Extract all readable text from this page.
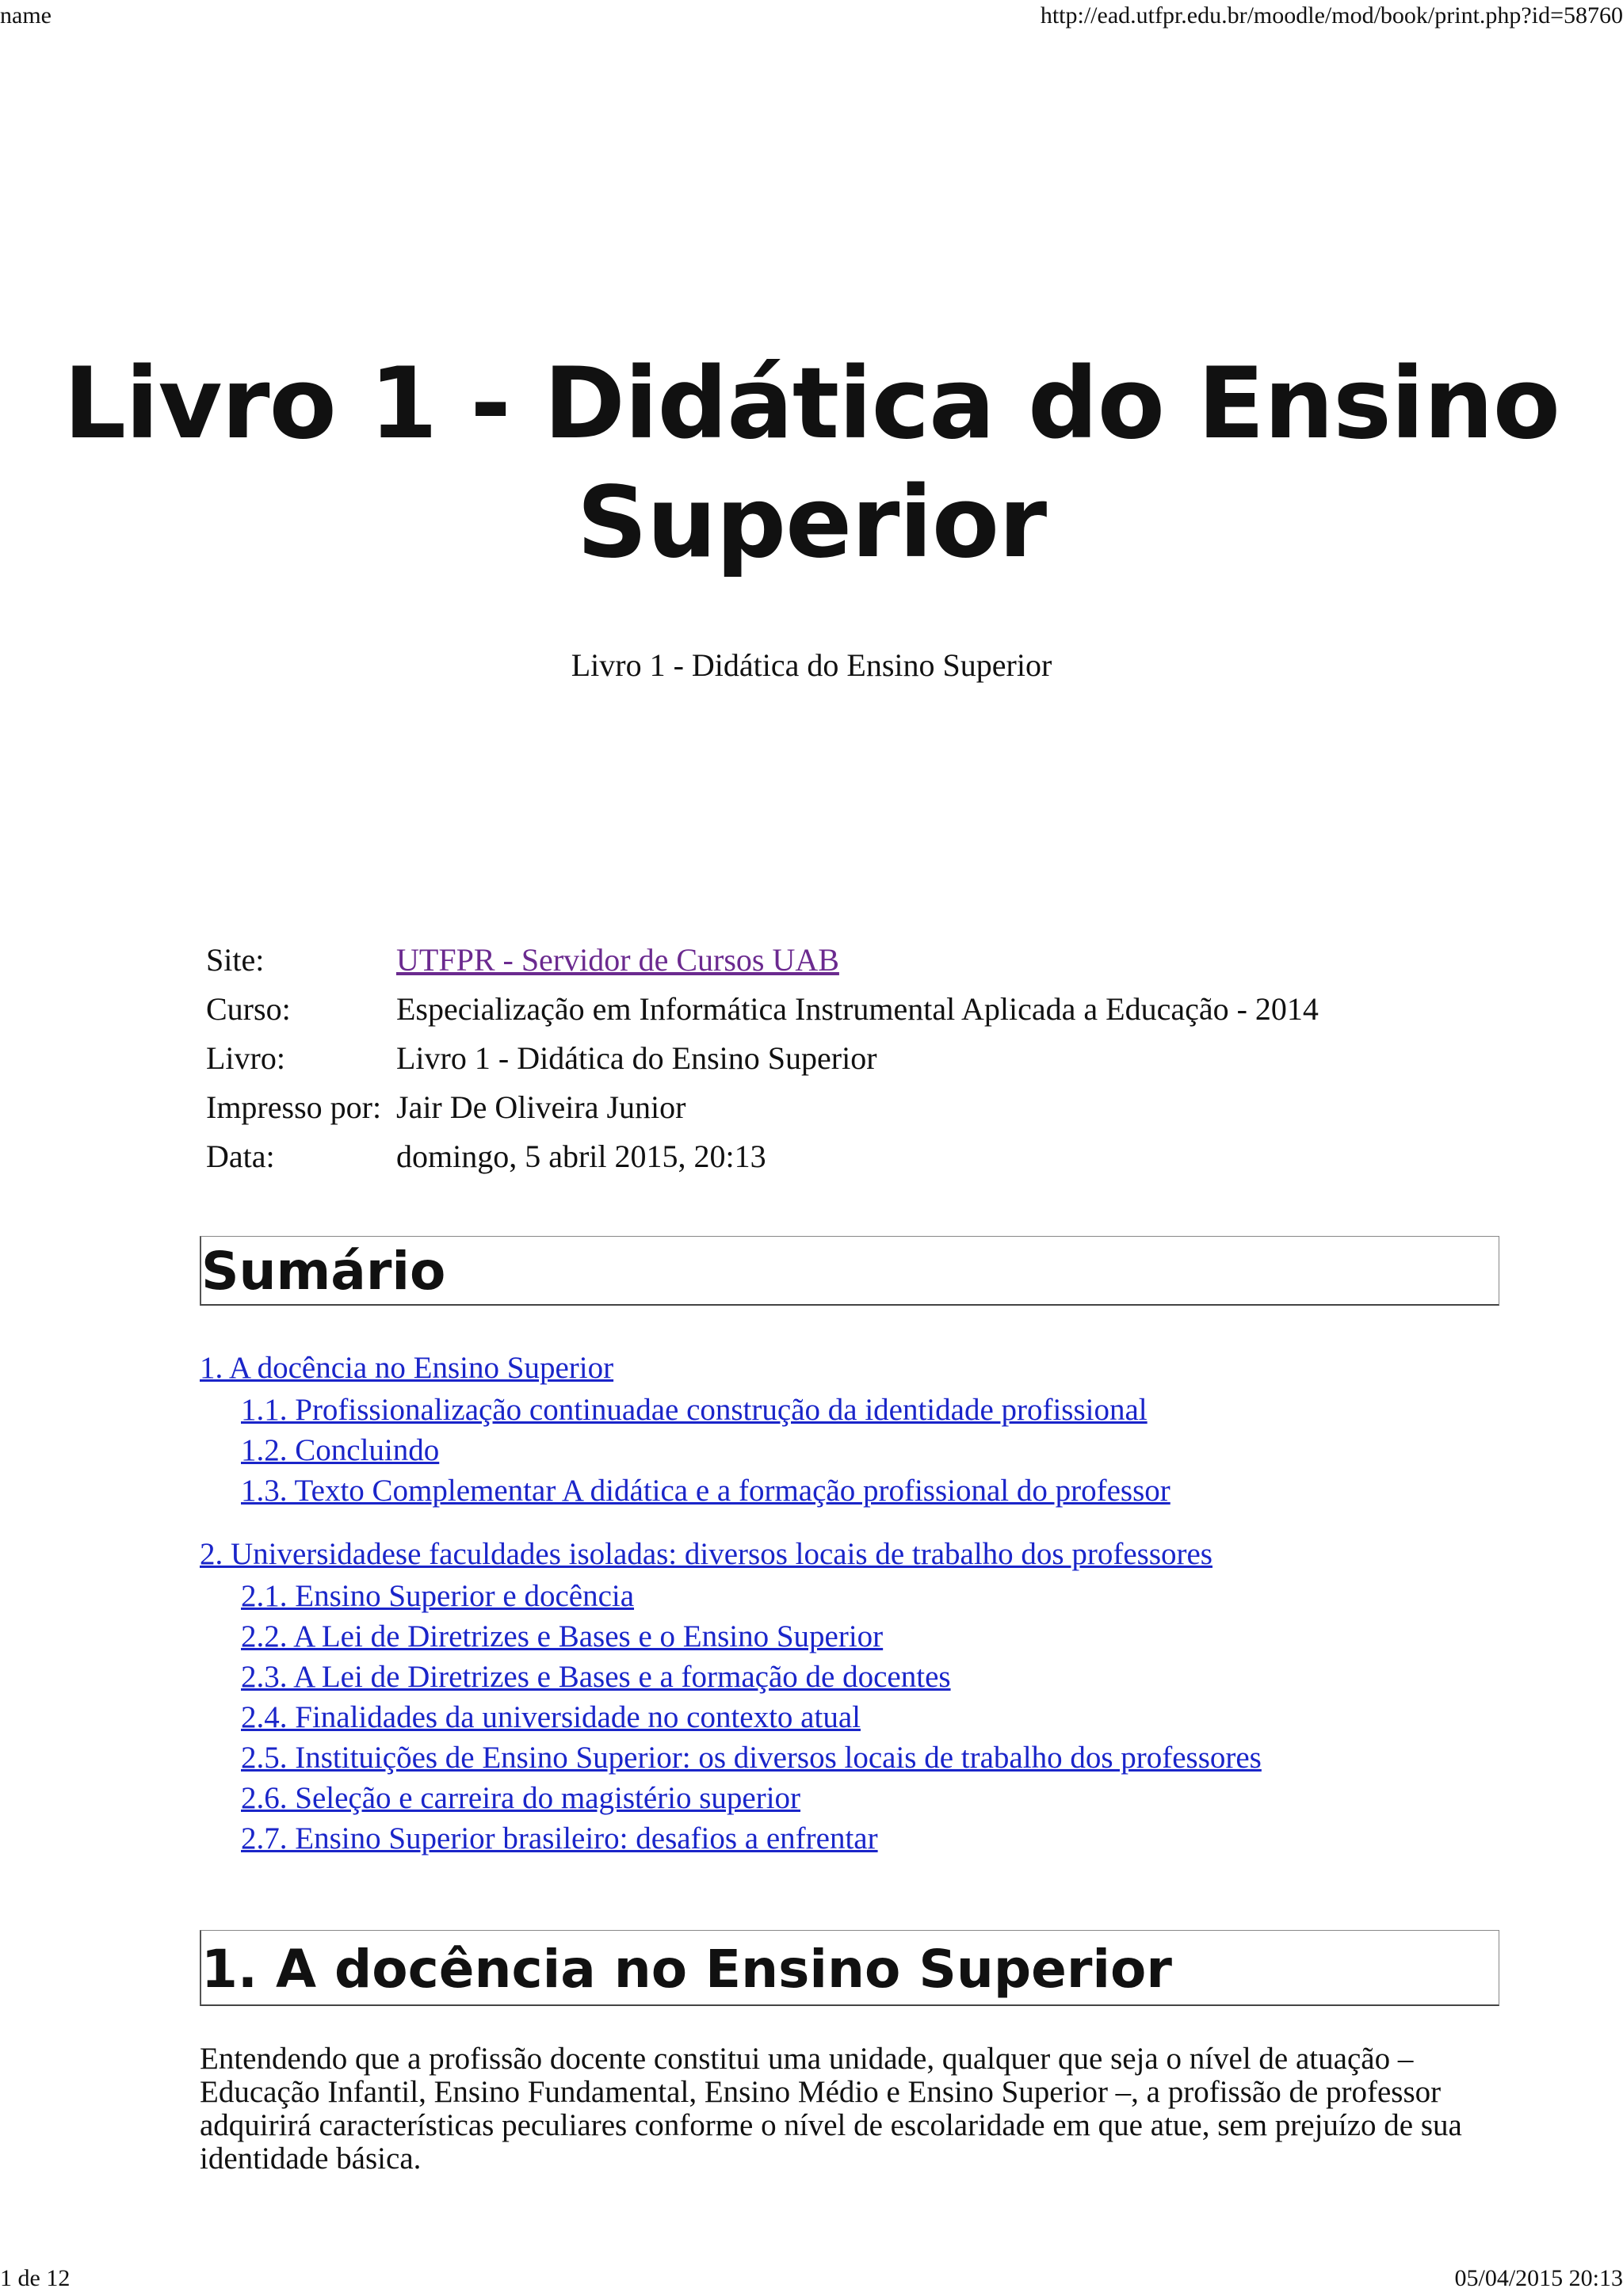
name	http://ead.utfpr.edu.br/moodle/mod/book/print.php?id=58760
Livro 1 - Didática do Ensino Superior
Livro 1 - Didática do Ensino Superior
Site:	UTFPR - Servidor de Cursos UAB
Curso:	Especialização em Informática Instrumental Aplicada a Educação - 2014
Livro:	Livro 1 - Didática do Ensino Superior
Impresso por:	Jair De Oliveira Junior
Data:	domingo, 5 abril 2015, 20:13
Sumário
1. A docência no Ensino Superior
1.1. Profissionalização continuadae construção da identidade profissional
1.2. Concluindo
1.3. Texto Complementar A didática e a formação profissional do professor
2. Universidadese faculdades isoladas: diversos locais de trabalho dos professores
2.1. Ensino Superior e docência
2.2. A Lei de Diretrizes e Bases e o Ensino Superior
2.3. A Lei de Diretrizes e Bases e a formação de docentes
2.4. Finalidades da universidade no contexto atual
2.5. Instituições de Ensino Superior: os diversos locais de trabalho dos professores
2.6. Seleção e carreira do magistério superior
2.7. Ensino Superior brasileiro: desafios a enfrentar
1. A docência no Ensino Superior

Entendendo que a profissão docente constitui uma unidade, qualquer que seja o nível de atuação – Educação Infantil, Ensino Fundamental, Ensino Médio e Ensino Superior –, a profissão de professor adquirirá características peculiares conforme o nível de escolaridade em que atue, sem prejuízo de sua identidade básica.

1 de 12	05/04/2015 20:13
